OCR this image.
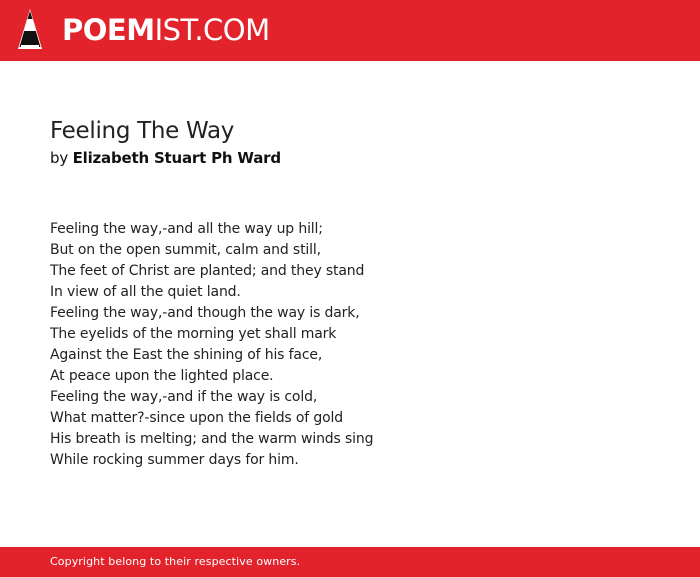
POEMIST.COM
Feeling The Way
by Elizabeth Stuart Ph Ward
Feeling the way,-and all the way up hill;
But on the open summit, calm and still,
The feet of Christ are planted; and they stand
In view of all the quiet land.
Feeling the way,-and though the way is dark,
The eyelids of the morning yet shall mark
Against the East the shining of his face,
At peace upon the lighted place.
Feeling the way,-and if the way is cold,
What matter?-since upon the fields of gold
His breath is melting; and the warm winds sing
While rocking summer days for him.
Copyright belong to their respective owners.
